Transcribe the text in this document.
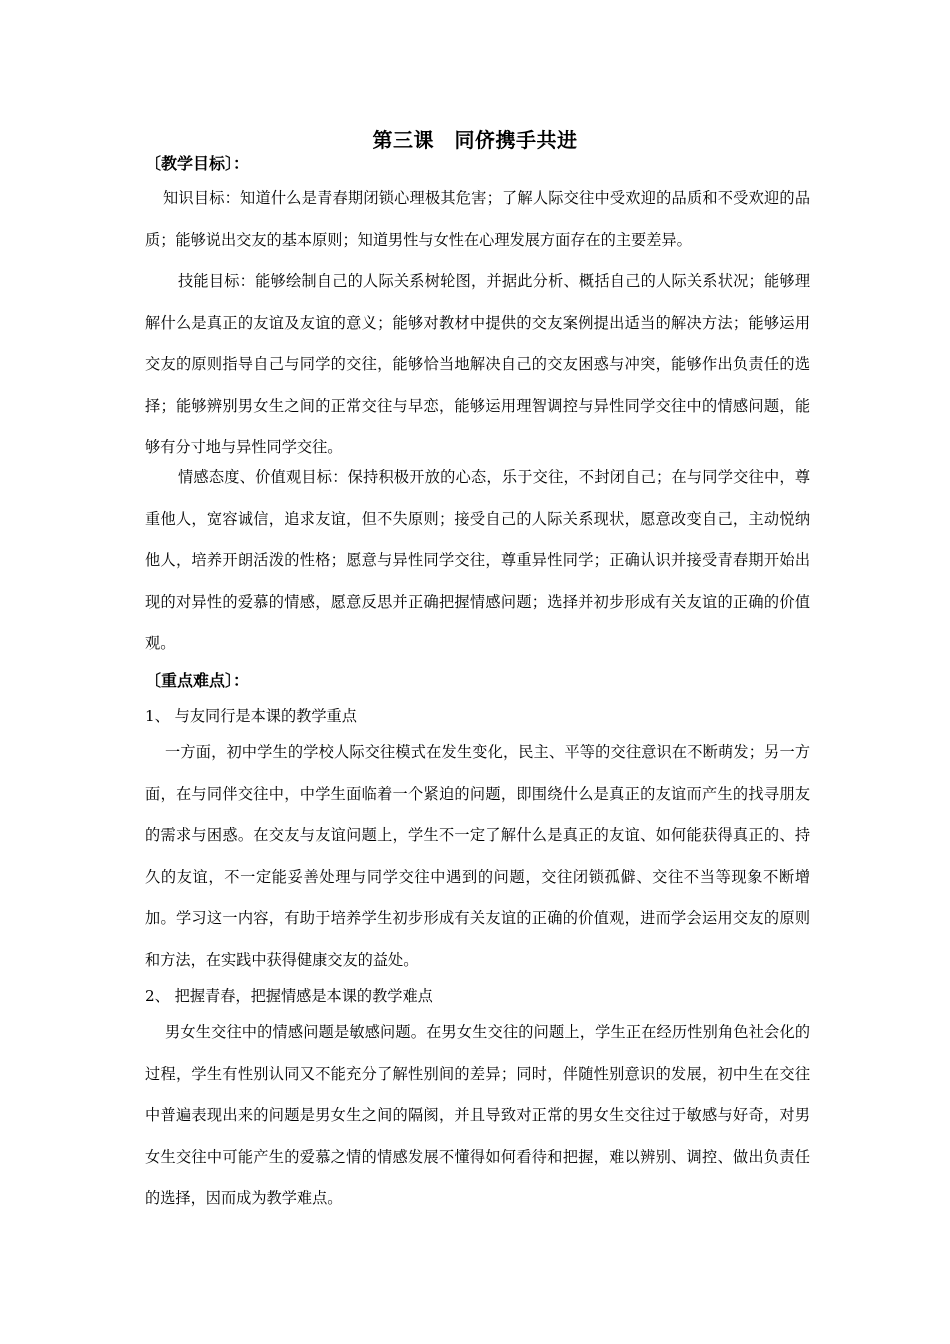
第三课　同侪携手共进
〔教学目标〕：

知识目标：知道什么是青春期闭锁心理极其危害；了解人际交往中受欢迎的品质和不受欢迎的品质；能够说出交友的基本原则；知道男性与女性在心理发展方面存在的主要差异。

技能目标：能够绘制自己的人际关系树轮图，并据此分析、概括自己的人际关系状况；能够理解什么是真正的友谊及友谊的意义；能够对教材中提供的交友案例提出适当的解决方法；能够运用交友的原则指导自己与同学的交往，能够恰当地解决自己的交友困惑与冲突，能够作出负责任的选择；能够辨别男女生之间的正常交往与早恋，能够运用理智调控与异性同学交往中的情感问题，能够有分寸地与异性同学交往。

情感态度、价值观目标：保持积极开放的心态，乐于交往，不封闭自己；在与同学交往中，尊重他人，宽容诚信，追求友谊，但不失原则；接受自己的人际关系现状，愿意改变自己，主动悦纳他人，培养开朗活泼的性格；愿意与异性同学交往，尊重异性同学；正确认识并接受青春期开始出现的对异性的爱慕的情感，愿意反思并正确把握情感问题；选择并初步形成有关友谊的正确的价值观。

〔重点难点〕：
1、 与友同行是本课的教学重点

一方面，初中学生的学校人际交往模式在发生变化，民主、平等的交往意识在不断萌发；另一方面，在与同伴交往中，中学生面临着一个紧迫的问题，即围绕什么是真正的友谊而产生的找寻朋友的需求与困惑。在交友与友谊问题上，学生不一定了解什么是真正的友谊、如何能获得真正的、持久的友谊，不一定能妥善处理与同学交往中遇到的问题，交往闭锁孤僻、交往不当等现象不断增加。学习这一内容，有助于培养学生初步形成有关友谊的正确的价值观，进而学会运用交友的原则和方法，在实践中获得健康交友的益处。

2、 把握青春，把握情感是本课的教学难点

男女生交往中的情感问题是敏感问题。在男女生交往的问题上，学生正在经历性别角色社会化的过程，学生有性别认同又不能充分了解性别间的差异；同时，伴随性别意识的发展，初中生在交往中普遍表现出来的问题是男女生之间的隔阂，并且导致对正常的男女生交往过于敏感与好奇，对男女生交往中可能产生的爱慕之情的情感发展不懂得如何看待和把握，难以辨别、调控、做出负责任的选择，因而成为教学难点。
